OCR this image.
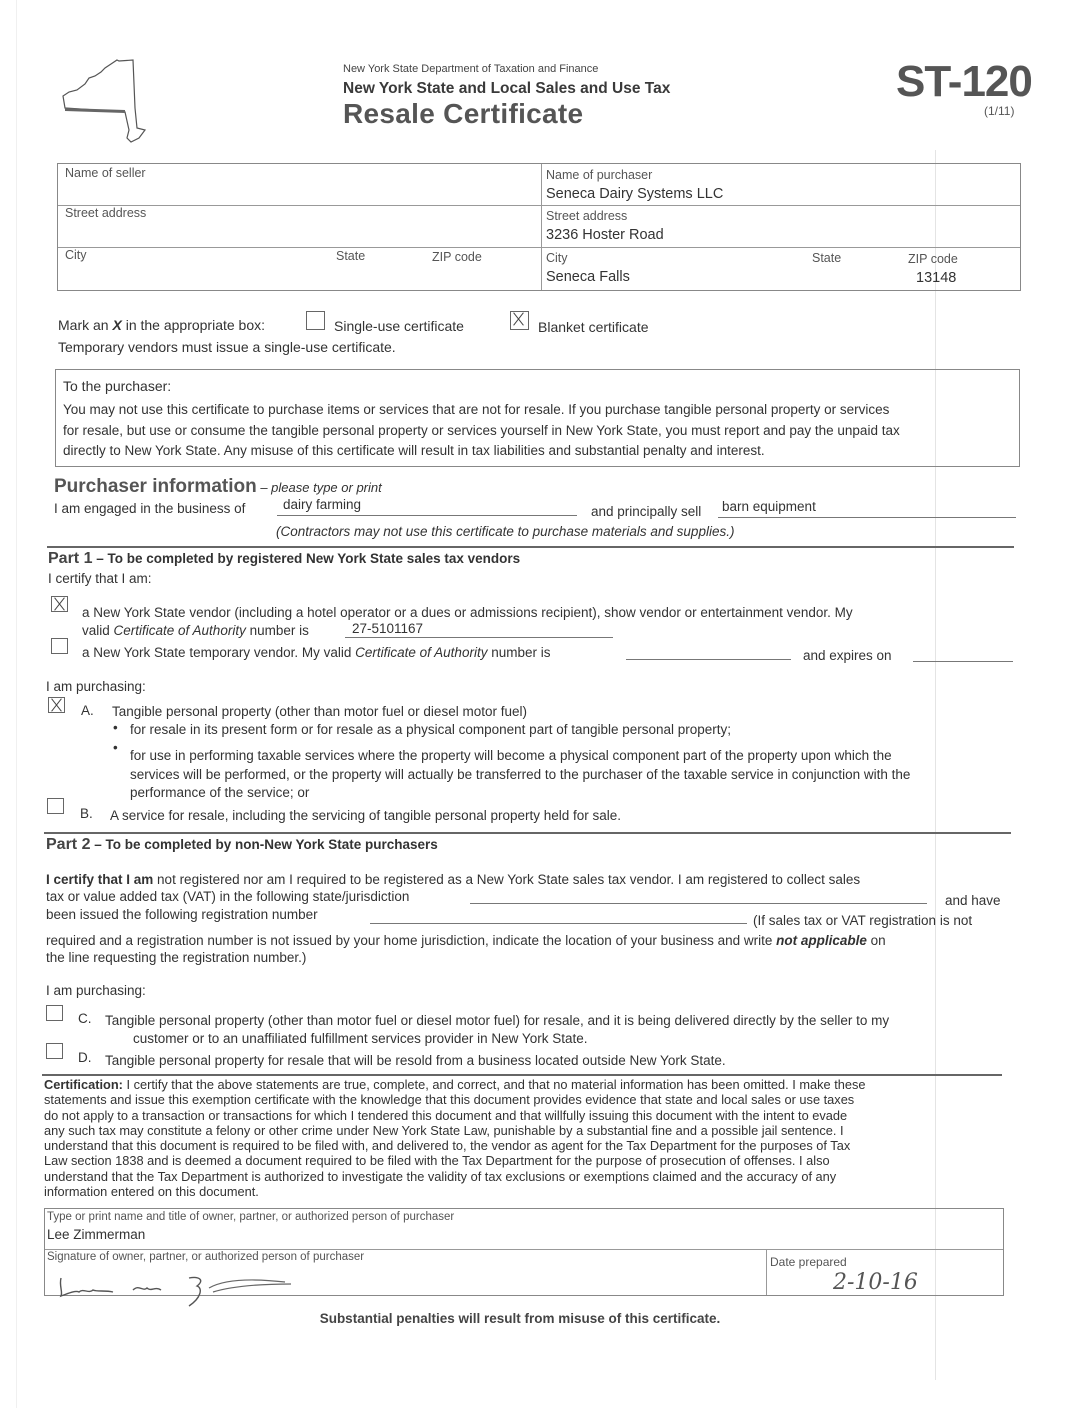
New York State Department of Taxation and Finance
New York State and Local Sales and Use Tax
Resale Certificate
ST-120
(1/11)
Name of seller
Street address
City	State	ZIP code
Name of purchaser
Seneca Dairy Systems LLC
Street address
3236 Hoster Road
City
Seneca Falls
State	ZIP code
13148
Mark an X in the appropriate box:	Single-use certificate	Blanket certificate
Temporary vendors must issue a single-use certificate.
To the purchaser:
You may not use this certificate to purchase items or services that are not for resale. If you purchase tangible personal property or services
for resale, but use or consume the tangible personal property or services yourself in New York State, you must report and pay the unpaid tax
directly to New York State. Any misuse of this certificate will result in tax liabilities and substantial penalty and interest.
Purchaser information – please type or print
I am engaged in the business of	dairy farming	and principally sell barn equipment
(Contractors may not use this certificate to purchase materials and supplies.)
Part 1 – To be completed by registered New York State sales tax vendors
I certify that I am:
a New York State vendor (including a hotel operator or a dues or admissions recipient), show vendor or entertainment vendor. My
valid Certificate of Authority number is	27-5101167
a New York State temporary vendor. My valid Certificate of Authority number is	and expires on
I am purchasing:
A. Tangible personal property (other than motor fuel or diesel motor fuel)
• for resale in its present form or for resale as a physical component part of tangible personal property;
•
for use in performing taxable services where the property will become a physical component part of the property upon which the
services will be performed, or the property will actually be transferred to the purchaser of the taxable service in conjunction with the
performance of the service; or
B. A service for resale, including the servicing of tangible personal property held for sale.
Part 2 – To be completed by non-New York State purchasers
I certify that I am not registered nor am I required to be registered as a New York State sales tax vendor. I am registered to collect sales
tax or value added tax (VAT) in the following state/jurisdiction	and have
been issued the following registration number	(If sales tax or VAT registration is not
required and a registration number is not issued by your home jurisdiction, indicate the location of your business and write not applicable on
the line requesting the registration number.)
I am purchasing:
C. Tangible personal property (other than motor fuel or diesel motor fuel) for resale, and it is being delivered directly by the seller to my
customer or to an unaffiliated fulfillment services provider in New York State.
D. Tangible personal property for resale that will be resold from a business located outside New York State.
Certification: I certify that the above statements are true, complete, and correct, and that no material information has been omitted. I make these
statements and issue this exemption certificate with the knowledge that this document provides evidence that state and local sales or use taxes
do not apply to a transaction or transactions for which I tendered this document and that willfully issuing this document with the intent to evade
any such tax may constitute a felony or other crime under New York State Law, punishable by a substantial fine and a possible jail sentence. I
understand that this document is required to be filed with, and delivered to, the vendor as agent for the Tax Department for the purposes of Tax
Law section 1838 and is deemed a document required to be filed with the Tax Department for the purpose of prosecution of offenses. I also
understand that the Tax Department is authorized to investigate the validity of tax exclusions or exemptions claimed and the accuracy of any
information entered on this document.
Type or print name and title of owner, partner, or authorized person of purchaser
Lee Zimmerman
Signature of owner, partner, or authorized person of purchaser	Date prepared
2-10-16
Substantial penalties will result from misuse of this certificate.
